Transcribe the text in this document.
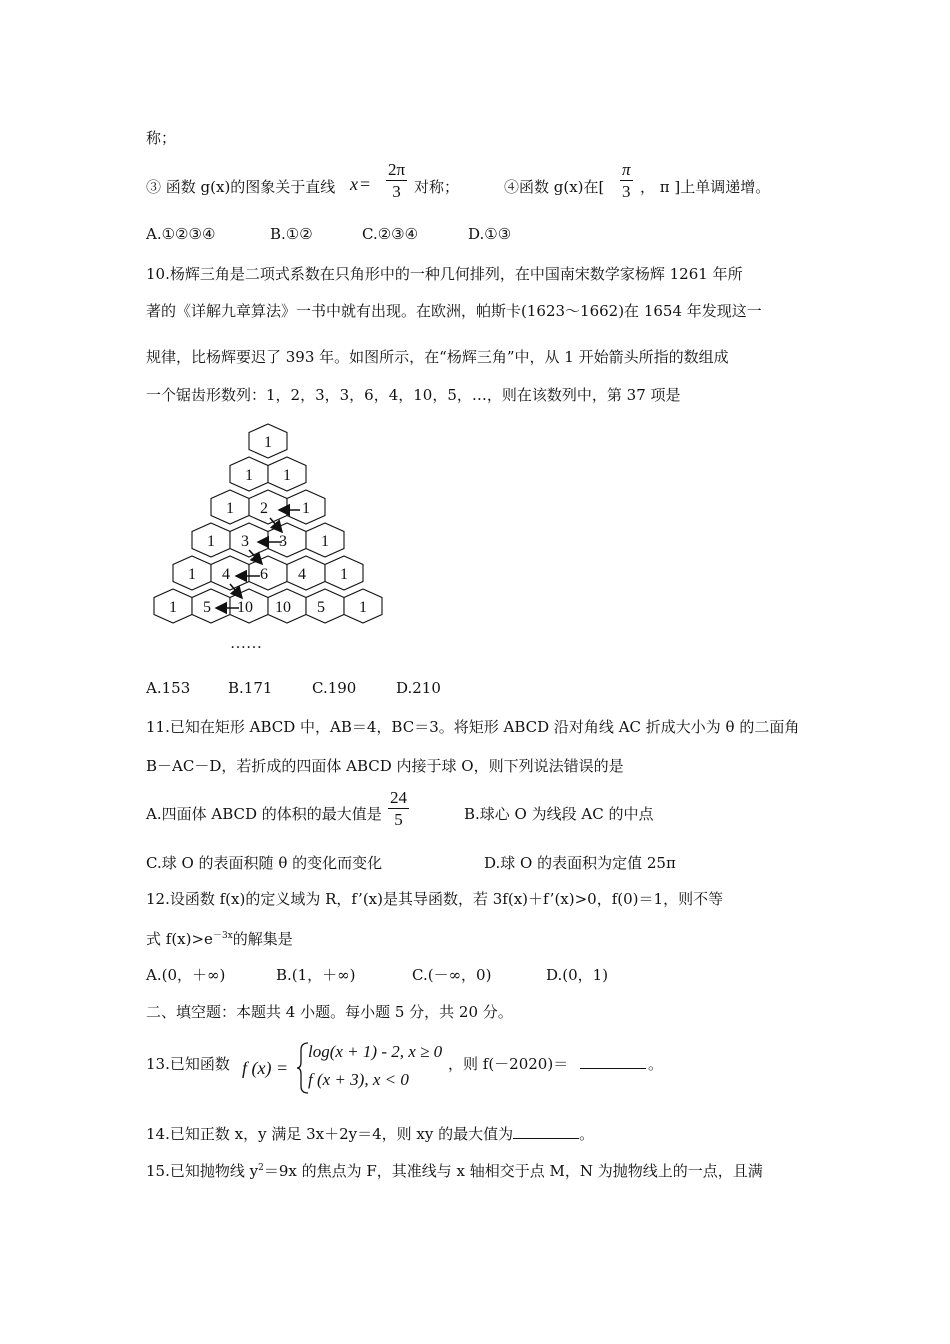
称；
③ 函数 g(x)的图象关于直线 $x = \frac{2\pi}{3}$ 对称；	④函数 g(x)在[ $\frac{\pi}{3}$ ， π ]上单调递增。
A.①②③④	B.①②	C.②③④	D.①③
10.杨辉三角是二项式系数在只角形中的一种几何排列，在中国南宋数学家杨辉 1261 年所
著的《详解九章算法》一书中就有出现。在欧洲，帕斯卡(1623～1662)在 1654 年发现这一
规律，比杨辉要迟了 393 年。如图所示，在“杨辉三角”中，从 1 开始箭头所指的数组成
一个锯齿形数列：1，2，3，3，6，4，10，5，…，则在该数列中，第 37 项是
1
1 1
1 2 1
1 3 3 1
1 4 6 4 1
1 5 10 10 5 1
……
A.153	B.171	C.190	D.210
11.已知在矩形 ABCD 中，AB＝4，BC＝3。将矩形 ABCD 沿对角线 AC 折成大小为 θ 的二面角
B－AC－D，若折成的四面体 ABCD 内接于球 O，则下列说法错误的是
A.四面体 ABCD 的体积的最大值是 $\frac{24}{5}$	B.球心 O 为线段 AC 的中点
C.球 O 的表面积随 θ 的变化而变化	D.球 O 的表面积为定值 25π
12.设函数 f(x)的定义域为 R，f’(x)是其导函数，若 3f(x)＋f’(x)>0，f(0)＝1，则不等
式 $f(x)>e^{-3x}$的解集是
A.(0，＋∞)	B.(1，＋∞)	C.(－∞，0)	D.(0，1)
二、填空题：本题共 4 小题。每小题 5 分，共 20 分。
13.已知函数 f (x) =
log(x + 1) - 2, x ≥ 0
f (x + 3), x < 0
，则 f(－2020)＝	。
14.已知正数 x，y 满足 3x＋2y＝4，则 xy 的最大值为	。
15.已知抛物线 $y^2=9x$ 的焦点为 F，其准线与 x 轴相交于点 M，N 为抛物线上的一点，且满
